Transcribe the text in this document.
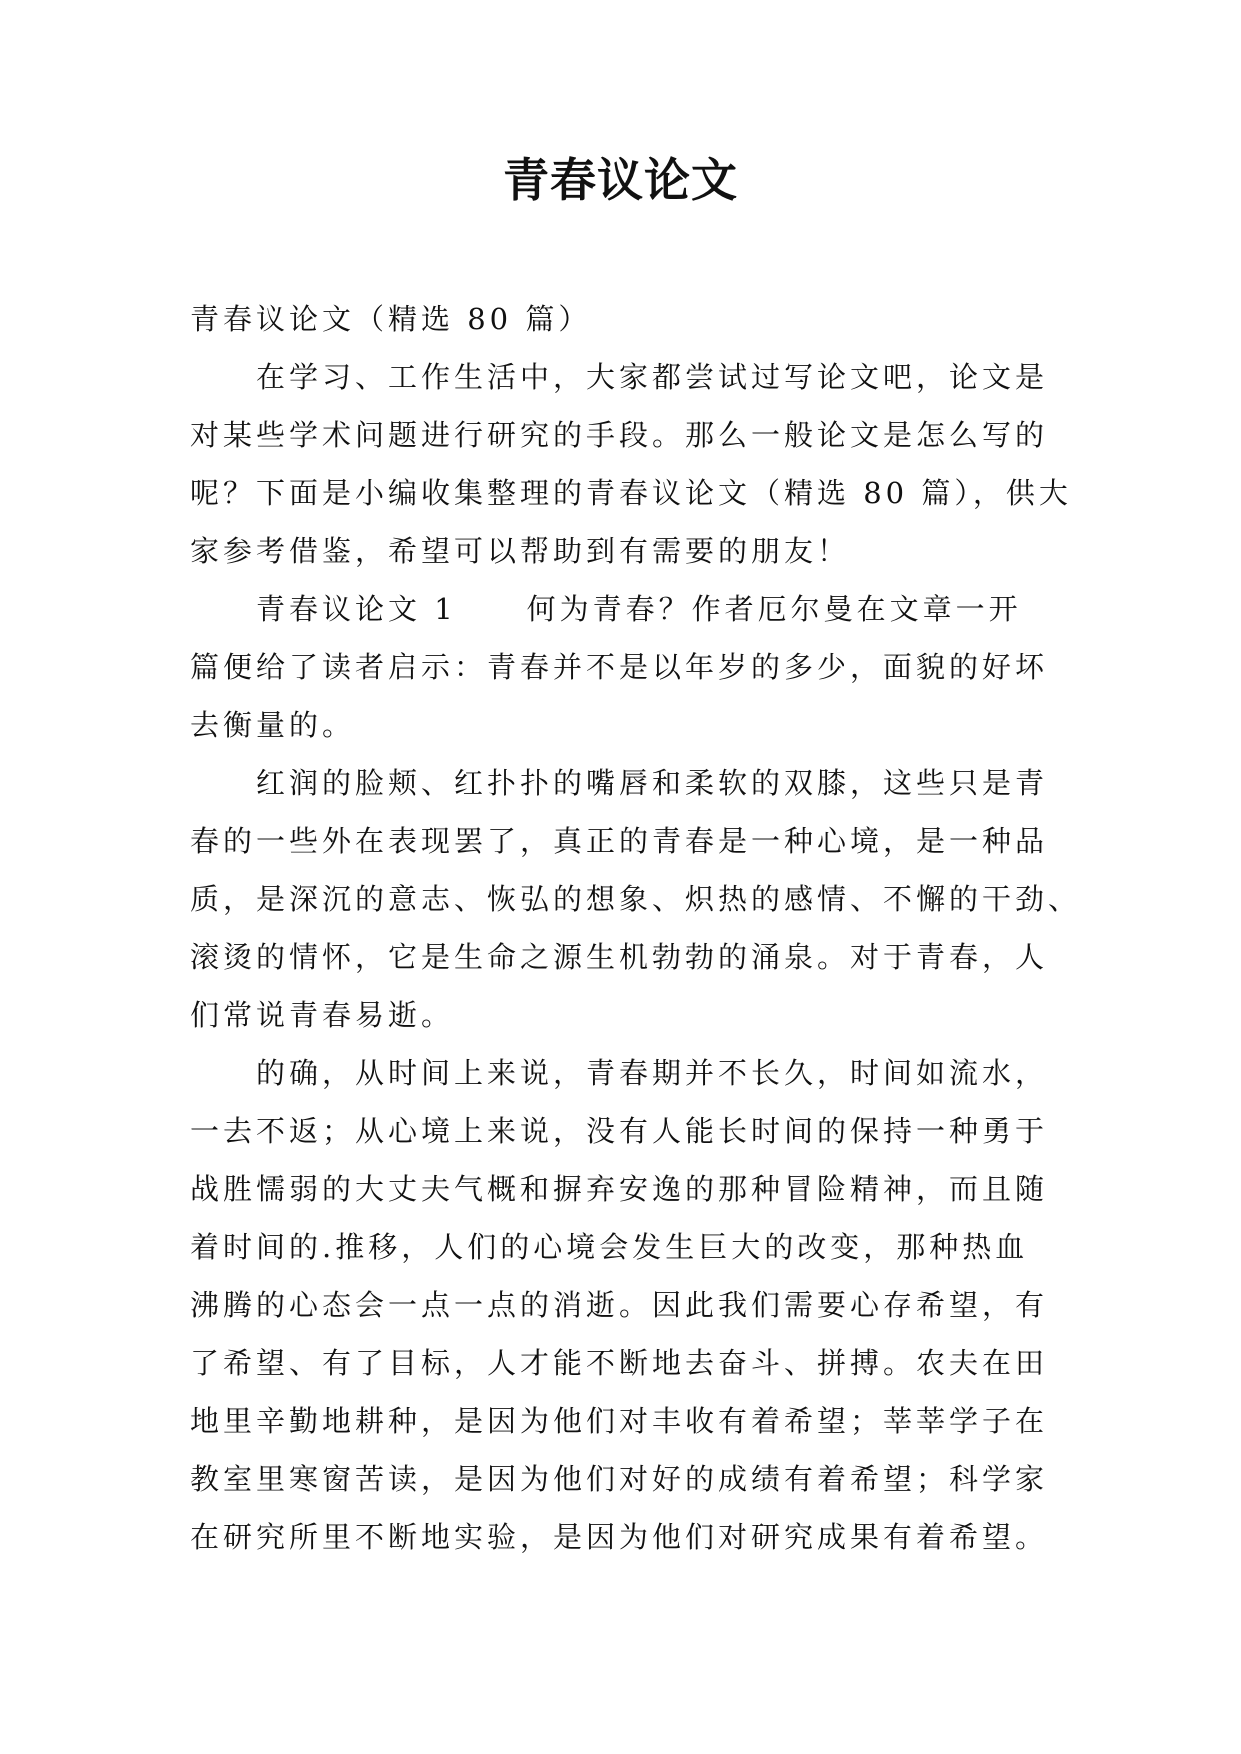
青春议论文
青春议论文（精选 80 篇）
在学习、工作生活中，大家都尝试过写论文吧，论文是
对某些学术问题进行研究的手段。那么一般论文是怎么写的
呢？下面是小编收集整理的青春议论文（精选 80 篇），供大
家参考借鉴，希望可以帮助到有需要的朋友！
青春议论文 1 何为青春？作者厄尔曼在文章一开
篇便给了读者启示：青春并不是以年岁的多少，面貌的好坏
去衡量的。
红润的脸颊、红扑扑的嘴唇和柔软的双膝，这些只是青
春的一些外在表现罢了，真正的青春是一种心境，是一种品
质，是深沉的意志、恢弘的想象、炽热的感情、不懈的干劲、
滚烫的情怀，它是生命之源生机勃勃的涌泉。对于青春，人
们常说青春易逝。
的确，从时间上来说，青春期并不长久，时间如流水，
一去不返；从心境上来说，没有人能长时间的保持一种勇于
战胜懦弱的大丈夫气概和摒弃安逸的那种冒险精神，而且随
着时间的.推移，人们的心境会发生巨大的改变，那种热血
沸腾的心态会一点一点的消逝。因此我们需要心存希望，有
了希望、有了目标，人才能不断地去奋斗、拼搏。农夫在田
地里辛勤地耕种，是因为他们对丰收有着希望；莘莘学子在
教室里寒窗苦读，是因为他们对好的成绩有着希望；科学家
在研究所里不断地实验，是因为他们对研究成果有着希望。
